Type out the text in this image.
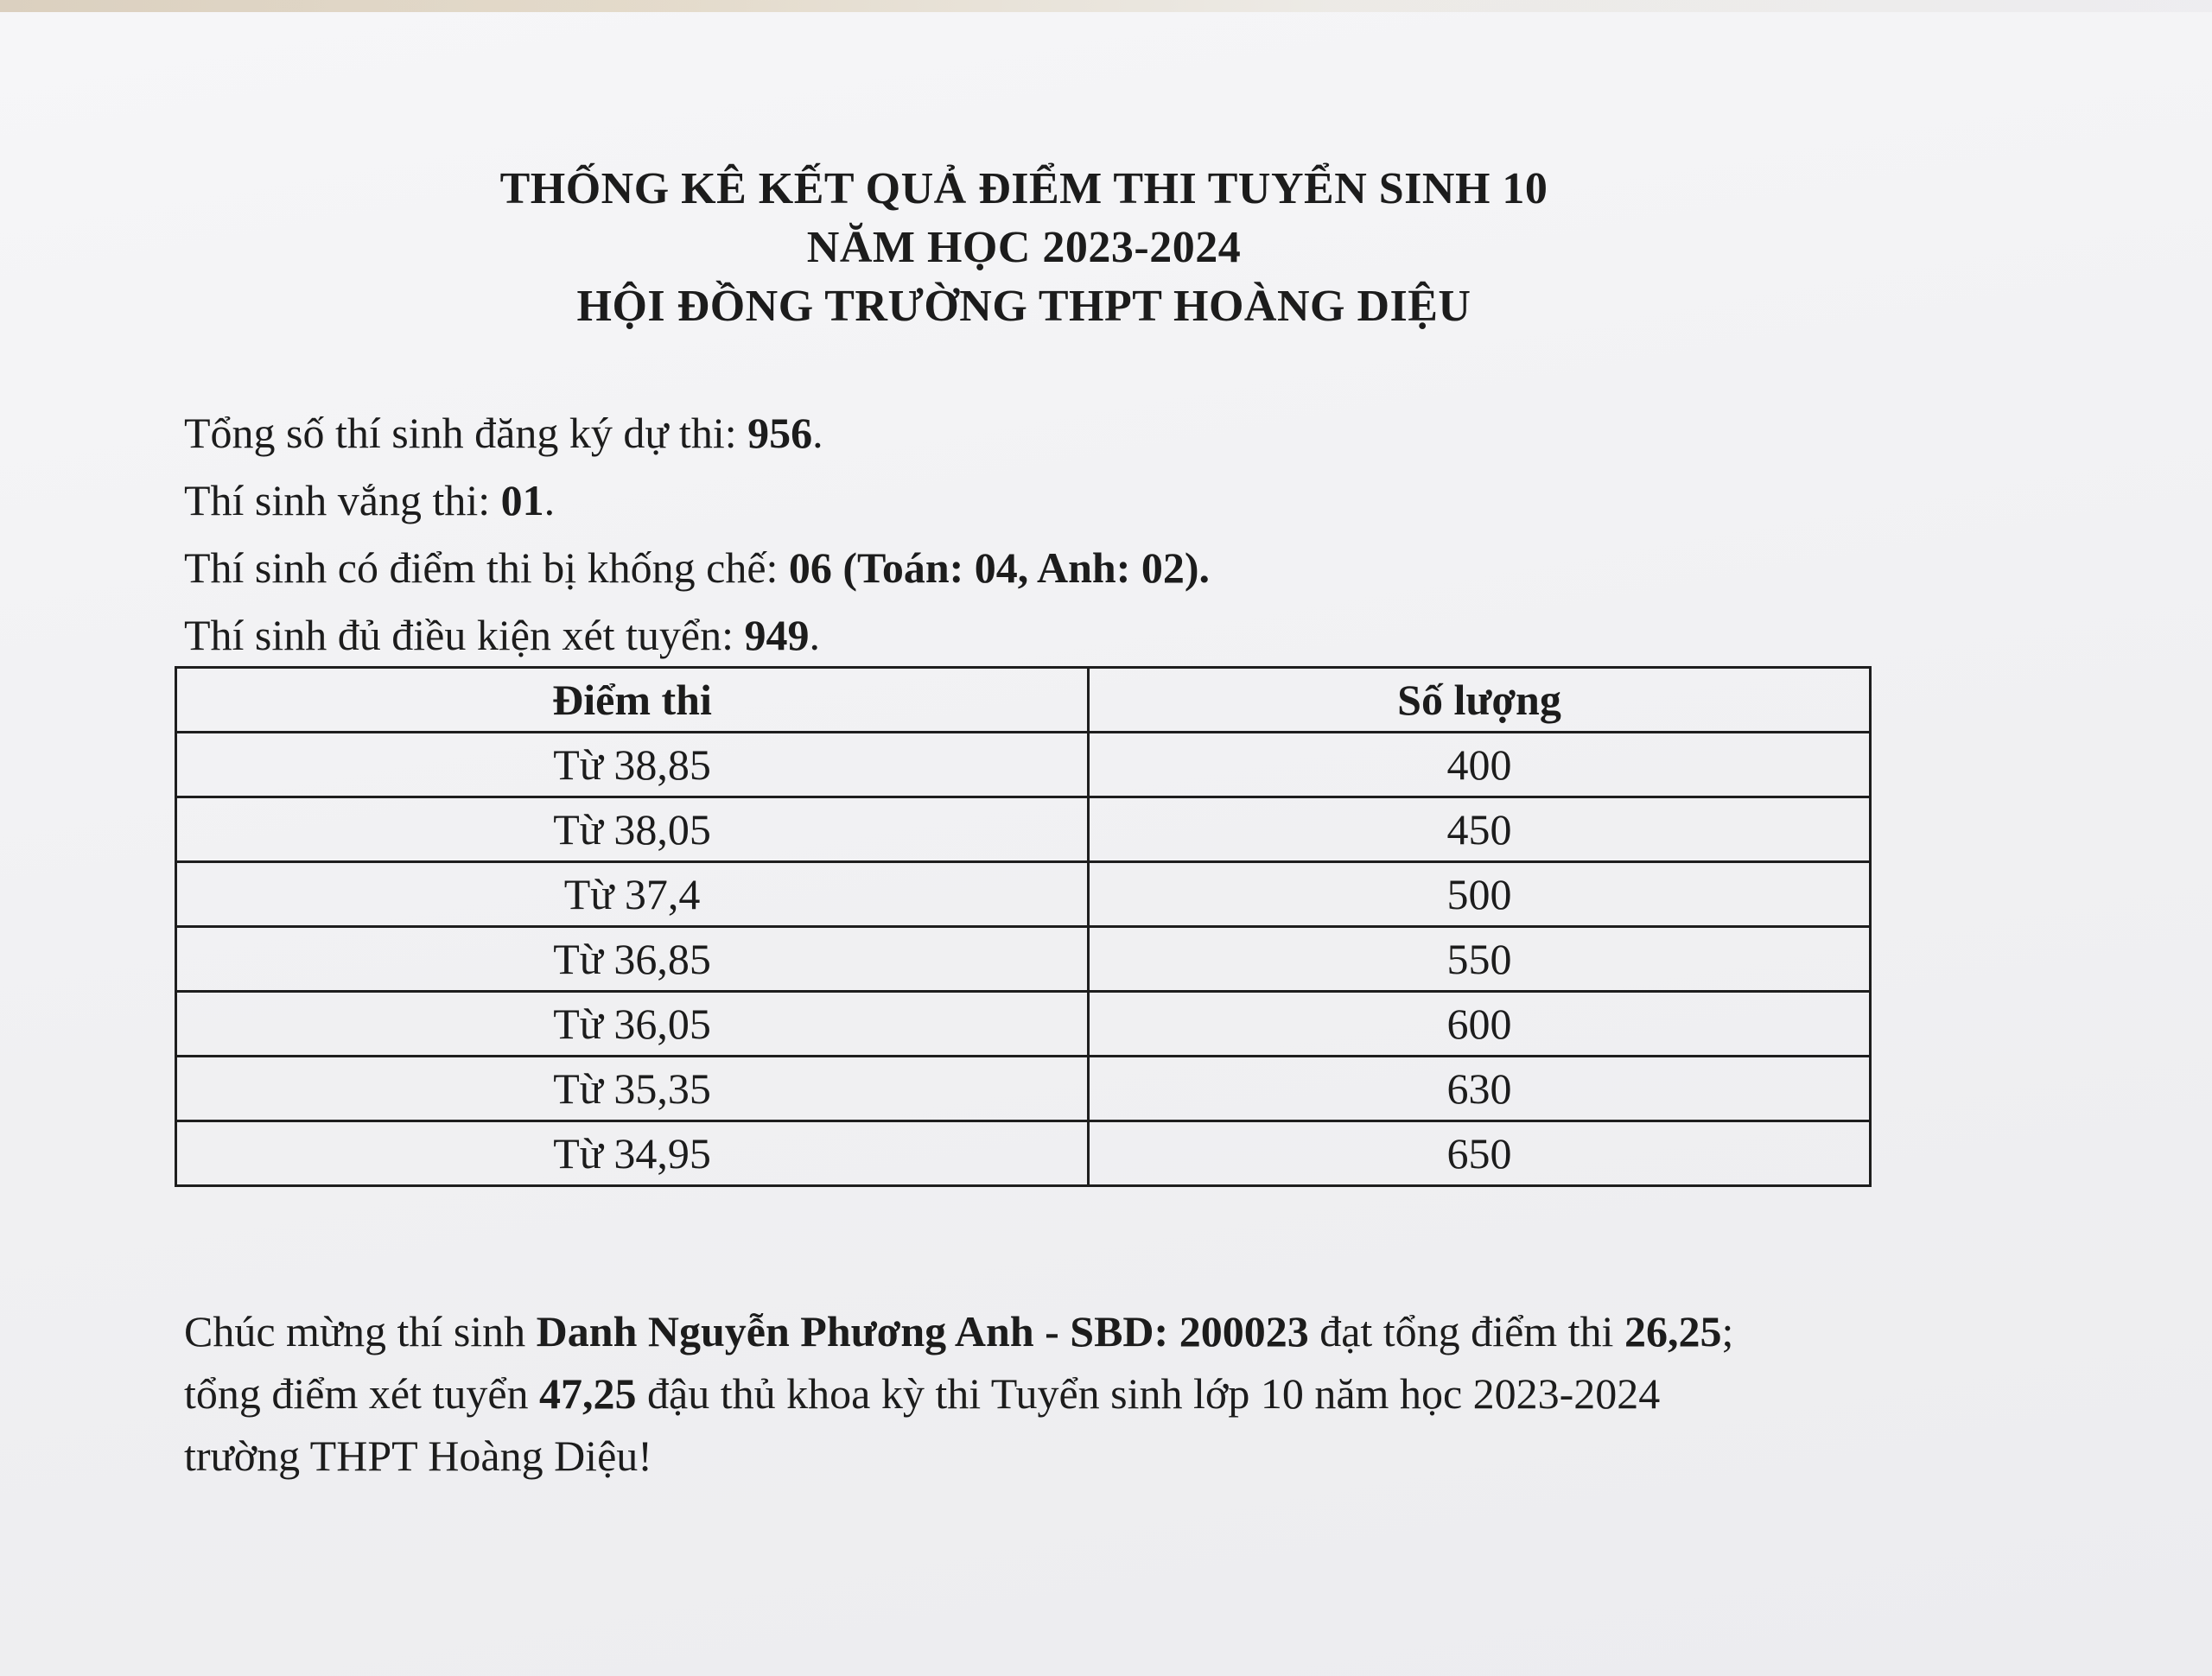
THỐNG KÊ KẾT QUẢ ĐIỂM THI TUYỂN SINH 10
NĂM HỌC 2023-2024
HỘI ĐỒNG TRƯỜNG THPT HOÀNG DIỆU
Tổng số thí sinh đăng ký dự thi: 956.
Thí sinh vắng thi: 01.
Thí sinh có điểm thi bị khống chế: 06 (Toán: 04, Anh: 02).
Thí sinh đủ điều kiện xét tuyển: 949.
Điểm thi	Số lượng
Từ 38,85	400
Từ 38,05	450
Từ 37,4	500
Từ 36,85	550
Từ 36,05	600
Từ 35,35	630
Từ 34,95	650
Chúc mừng thí sinh Danh Nguyễn Phương Anh - SBD: 200023 đạt tổng điểm thi 26,25;
tổng điểm xét tuyển 47,25 đậu thủ khoa kỳ thi Tuyển sinh lớp 10 năm học 2023-2024
trường THPT Hoàng Diệu!
